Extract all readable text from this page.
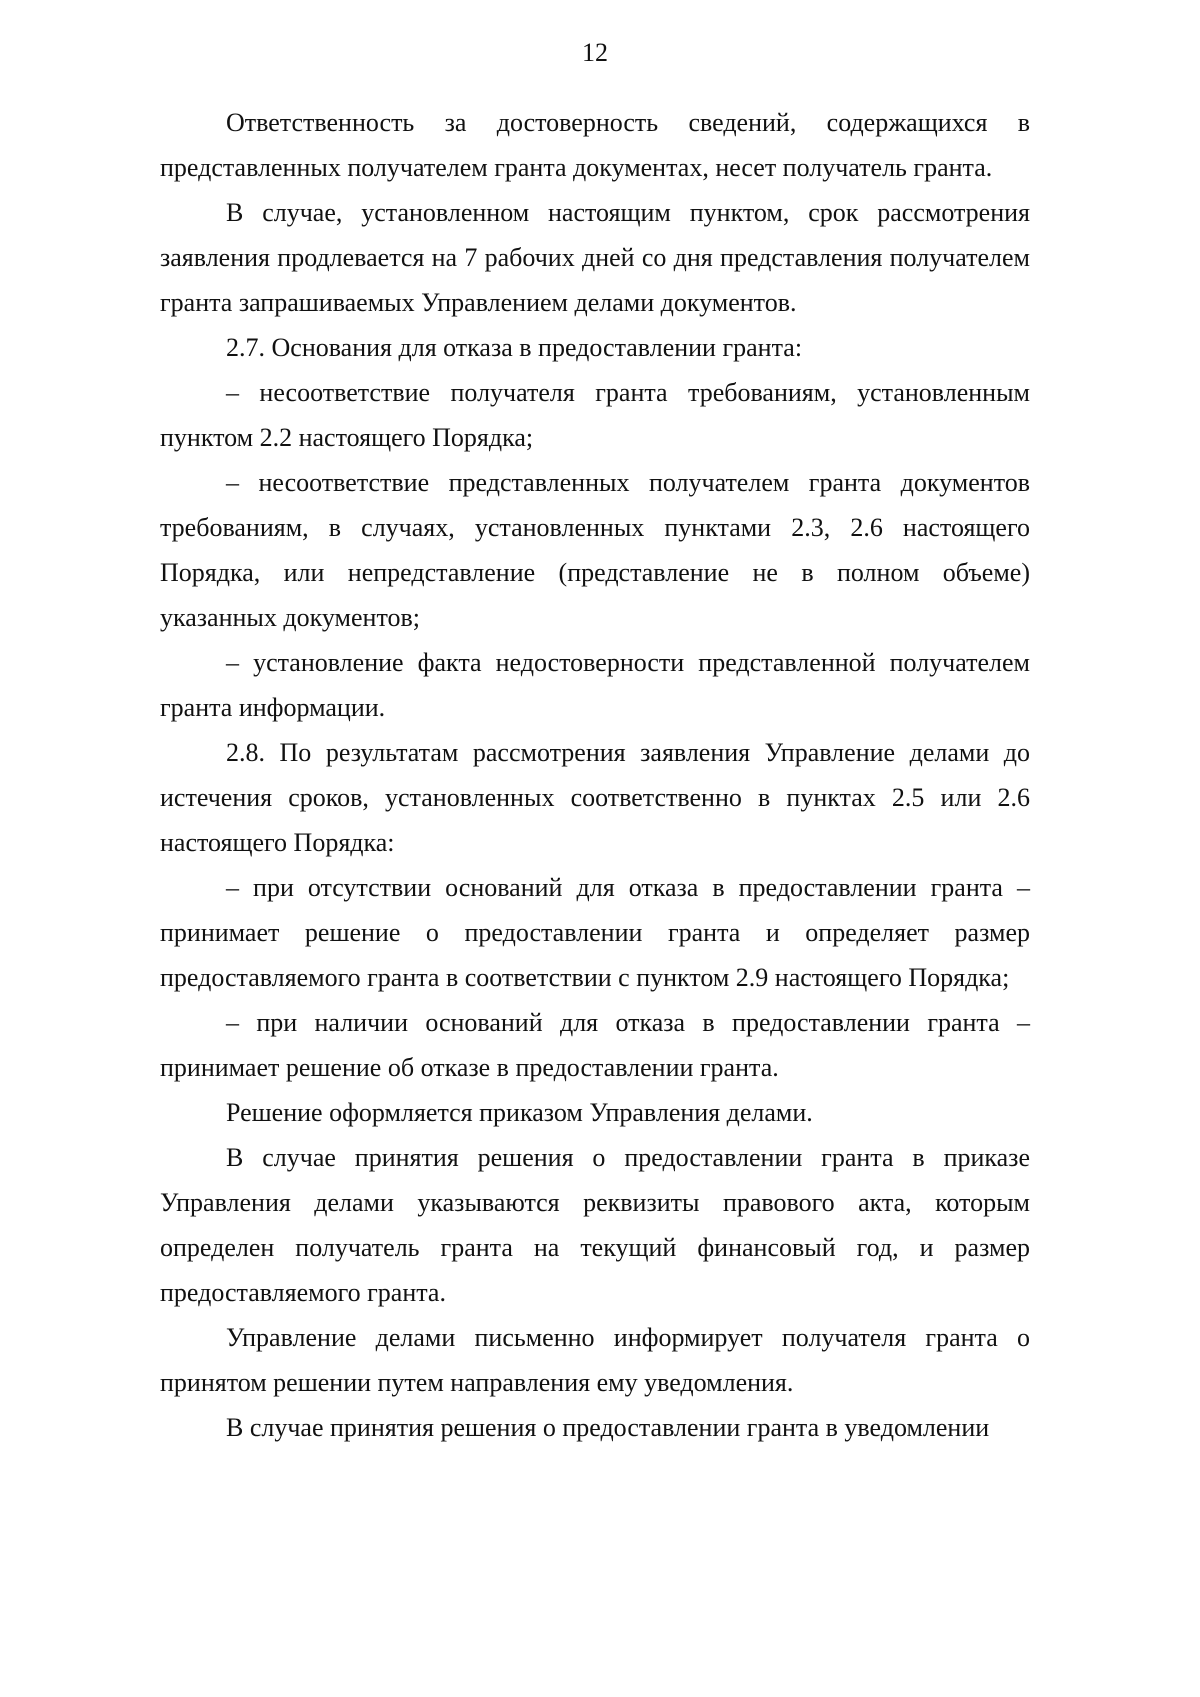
12

Ответственность за достоверность сведений, содержащихся в представленных получателем гранта документах, несет получатель гранта.

В случае, установленном настоящим пунктом, срок рассмотрения заявления продлевается на 7 рабочих дней со дня представления получателем гранта запрашиваемых Управлением делами документов.

2.7. Основания для отказа в предоставлении гранта:

– несоответствие получателя гранта требованиям, установленным пунктом 2.2 настоящего Порядка;

– несоответствие представленных получателем гранта документов требованиям, в случаях, установленных пунктами 2.3, 2.6 настоящего Порядка, или непредставление (представление не в полном объеме) указанных документов;

– установление факта недостоверности представленной получателем гранта информации.

2.8. По результатам рассмотрения заявления Управление делами до истечения сроков, установленных соответственно в пунктах 2.5 или 2.6 настоящего Порядка:

– при отсутствии оснований для отказа в предоставлении гранта – принимает решение о предоставлении гранта и определяет размер предоставляемого гранта в соответствии с пунктом 2.9 настоящего Порядка;

– при наличии оснований для отказа в предоставлении гранта – принимает решение об отказе в предоставлении гранта.

Решение оформляется приказом Управления делами.

В случае принятия решения о предоставлении гранта в приказе Управления делами указываются реквизиты правового акта, которым определен получатель гранта на текущий финансовый год, и размер предоставляемого гранта.

Управление делами письменно информирует получателя гранта о принятом решении путем направления ему уведомления.

В случае принятия решения о предоставлении гранта в уведомлении
